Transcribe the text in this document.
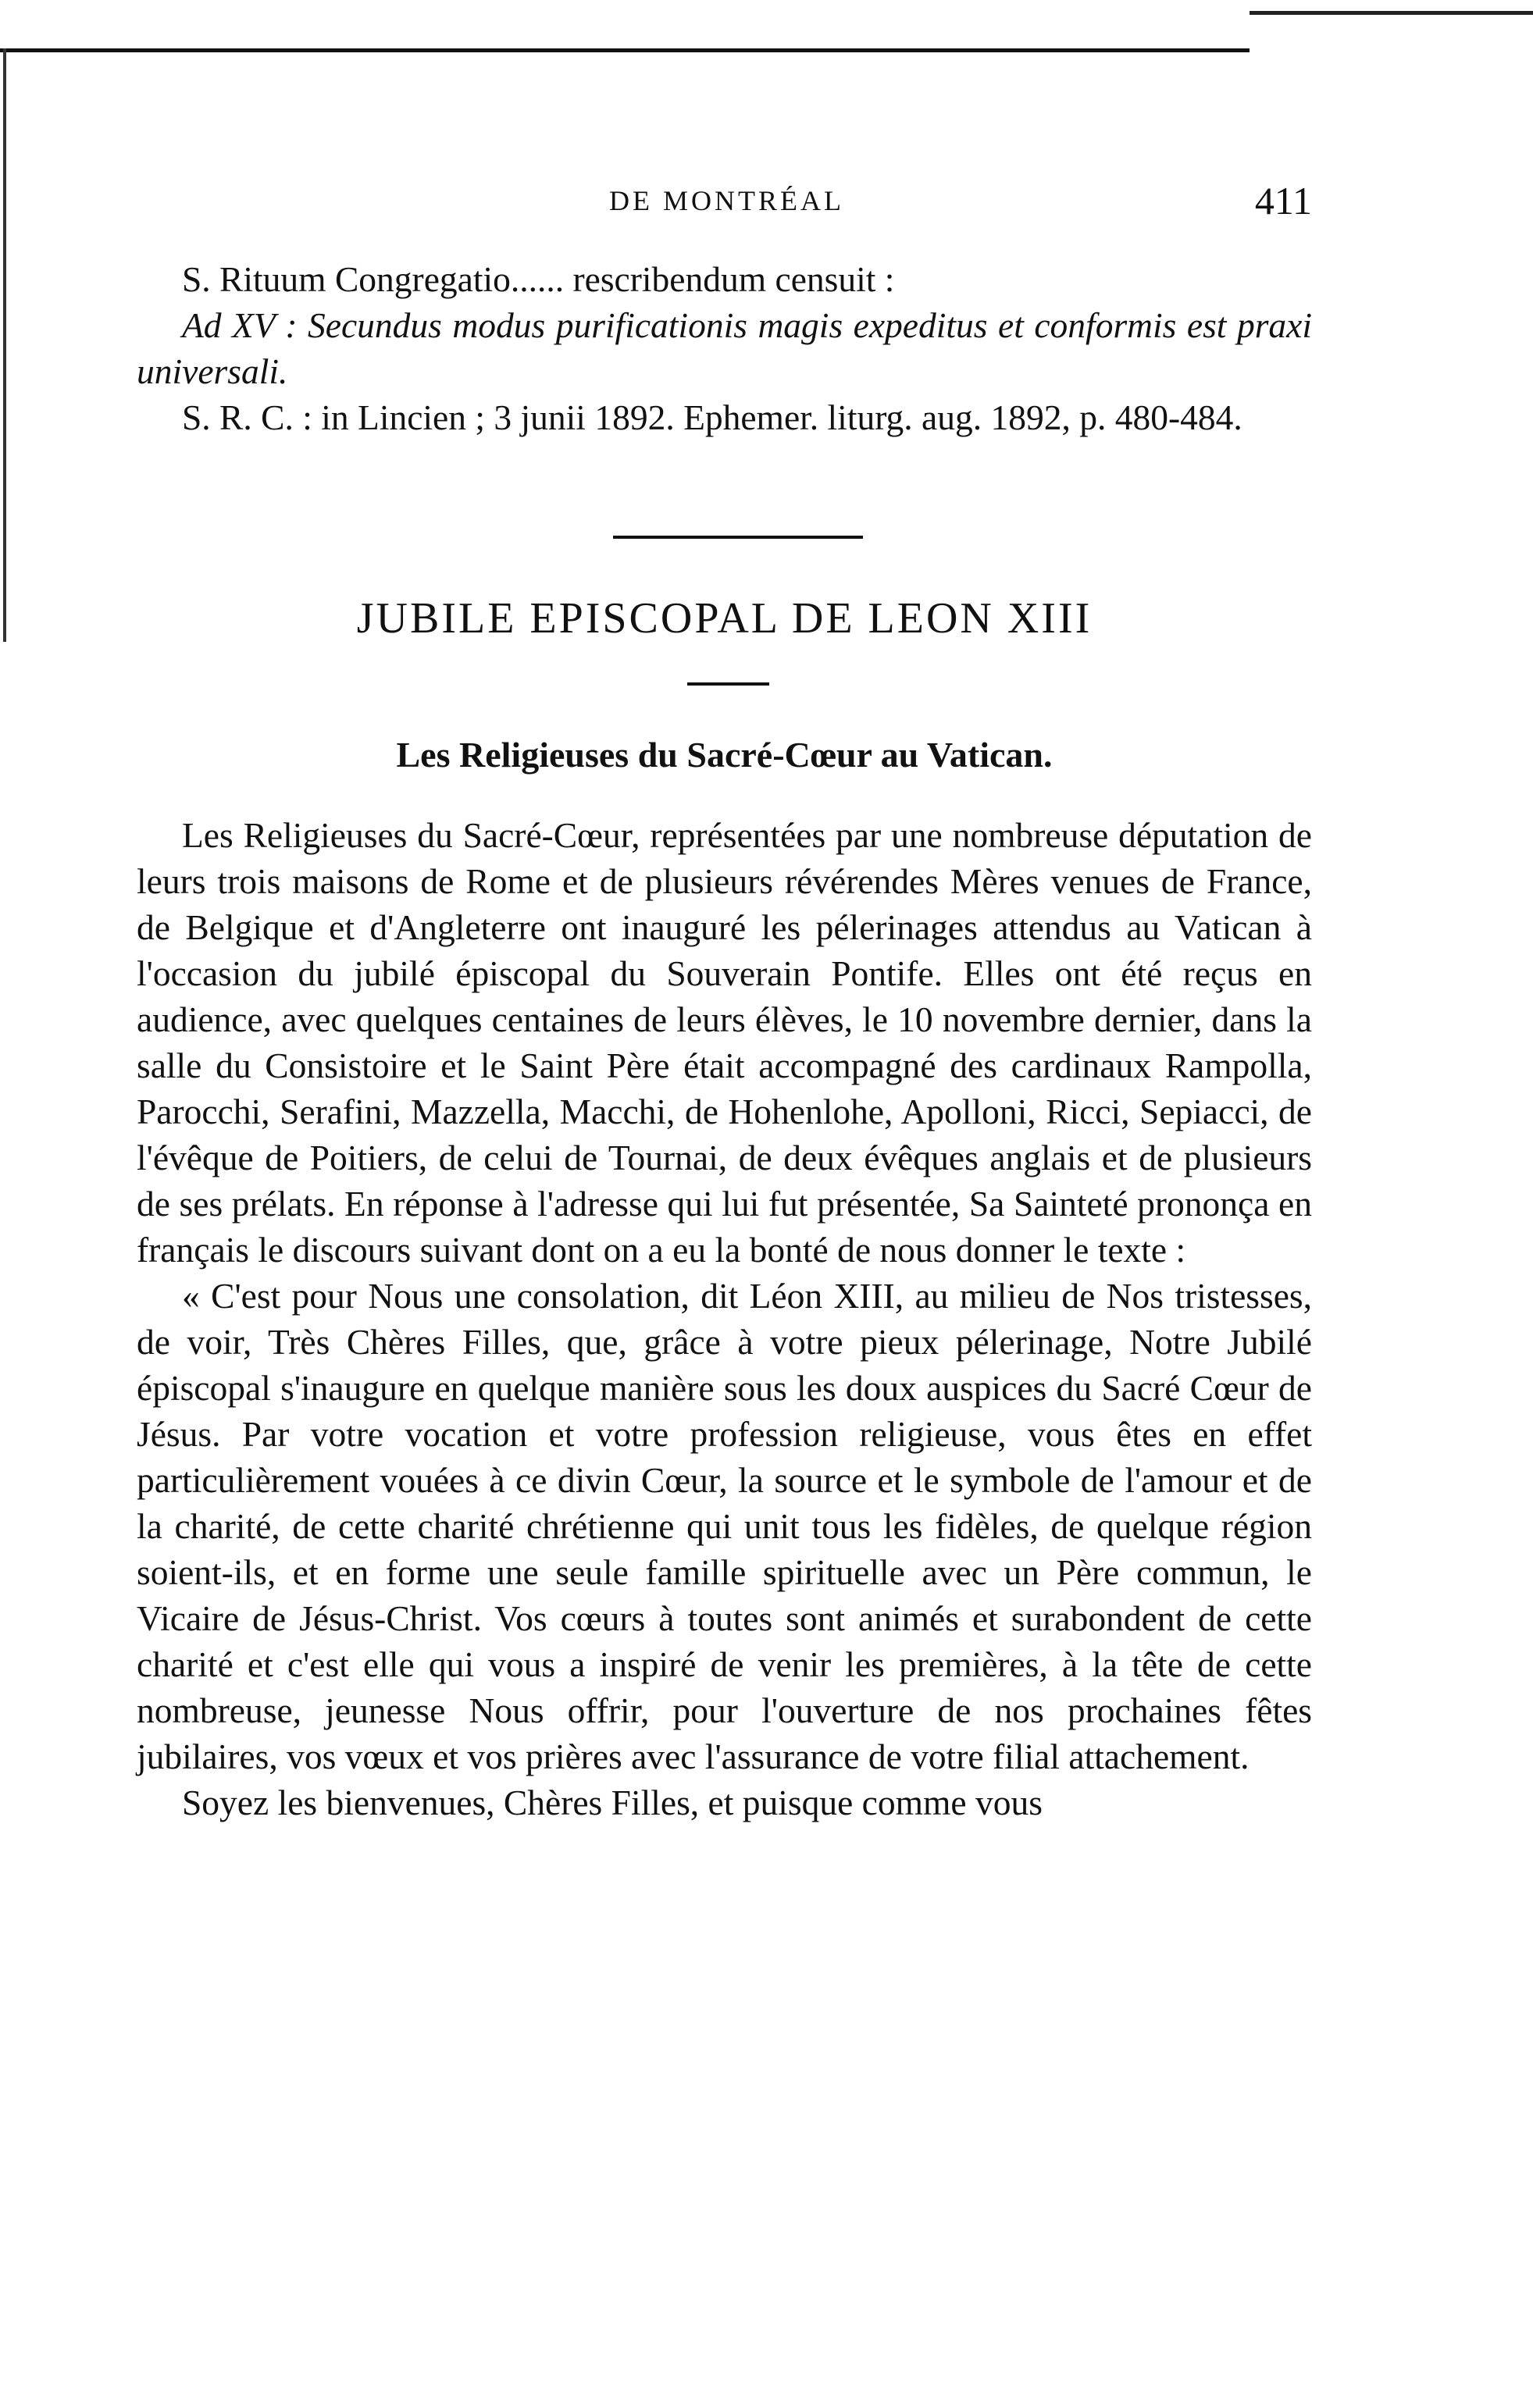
DE MONTRÉAL	411

S. Rituum Congregatio...... rescribendum censuit :

Ad XV : Secundus modus purificationis magis expeditus et conformis est praxi universali.

S. R. C. : in Lincien ; 3 junii 1892. Ephemer. liturg. aug. 1892, p. 480-484.

JUBILE EPISCOPAL DE LEON XIII
Les Religieuses du Sacré-Cœur au Vatican.

Les Religieuses du Sacré-Cœur, représentées par une nombreuse députation de leurs trois maisons de Rome et de plusieurs révérendes Mères venues de France, de Belgique et d'Angleterre ont inauguré les pélerinages attendus au Vatican à l'occasion du jubilé épiscopal du Souverain Pontife. Elles ont été reçus en audience, avec quelques centaines de leurs élèves, le 10 novembre dernier, dans la salle du Consistoire et le Saint Père était accompagné des cardinaux Rampolla, Parocchi, Serafini, Mazzella, Macchi, de Hohenlohe, Apolloni, Ricci, Sepiacci, de l'évêque de Poitiers, de celui de Tournai, de deux évêques anglais et de plusieurs de ses prélats. En réponse à l'adresse qui lui fut présentée, Sa Sainteté prononça en français le discours suivant dont on a eu la bonté de nous donner le texte :

« C'est pour Nous une consolation, dit Léon XIII, au milieu de Nos tristesses, de voir, Très Chères Filles, que, grâce à votre pieux pélerinage, Notre Jubilé épiscopal s'inaugure en quelque manière sous les doux auspices du Sacré Cœur de Jésus. Par votre vocation et votre profession religieuse, vous êtes en effet particulièrement vouées à ce divin Cœur, la source et le symbole de l'amour et de la charité, de cette charité chrétienne qui unit tous les fidèles, de quelque région soient-ils, et en forme une seule famille spirituelle avec un Père commun, le Vicaire de Jésus-Christ. Vos cœurs à toutes sont animés et surabondent de cette charité et c'est elle qui vous a inspiré de venir les premières, à la tête de cette nombreuse, jeunesse Nous offrir, pour l'ouverture de nos prochaines fêtes jubilaires, vos vœux et vos prières avec l'assurance de votre filial attachement.

Soyez les bienvenues, Chères Filles, et puisque comme vous
